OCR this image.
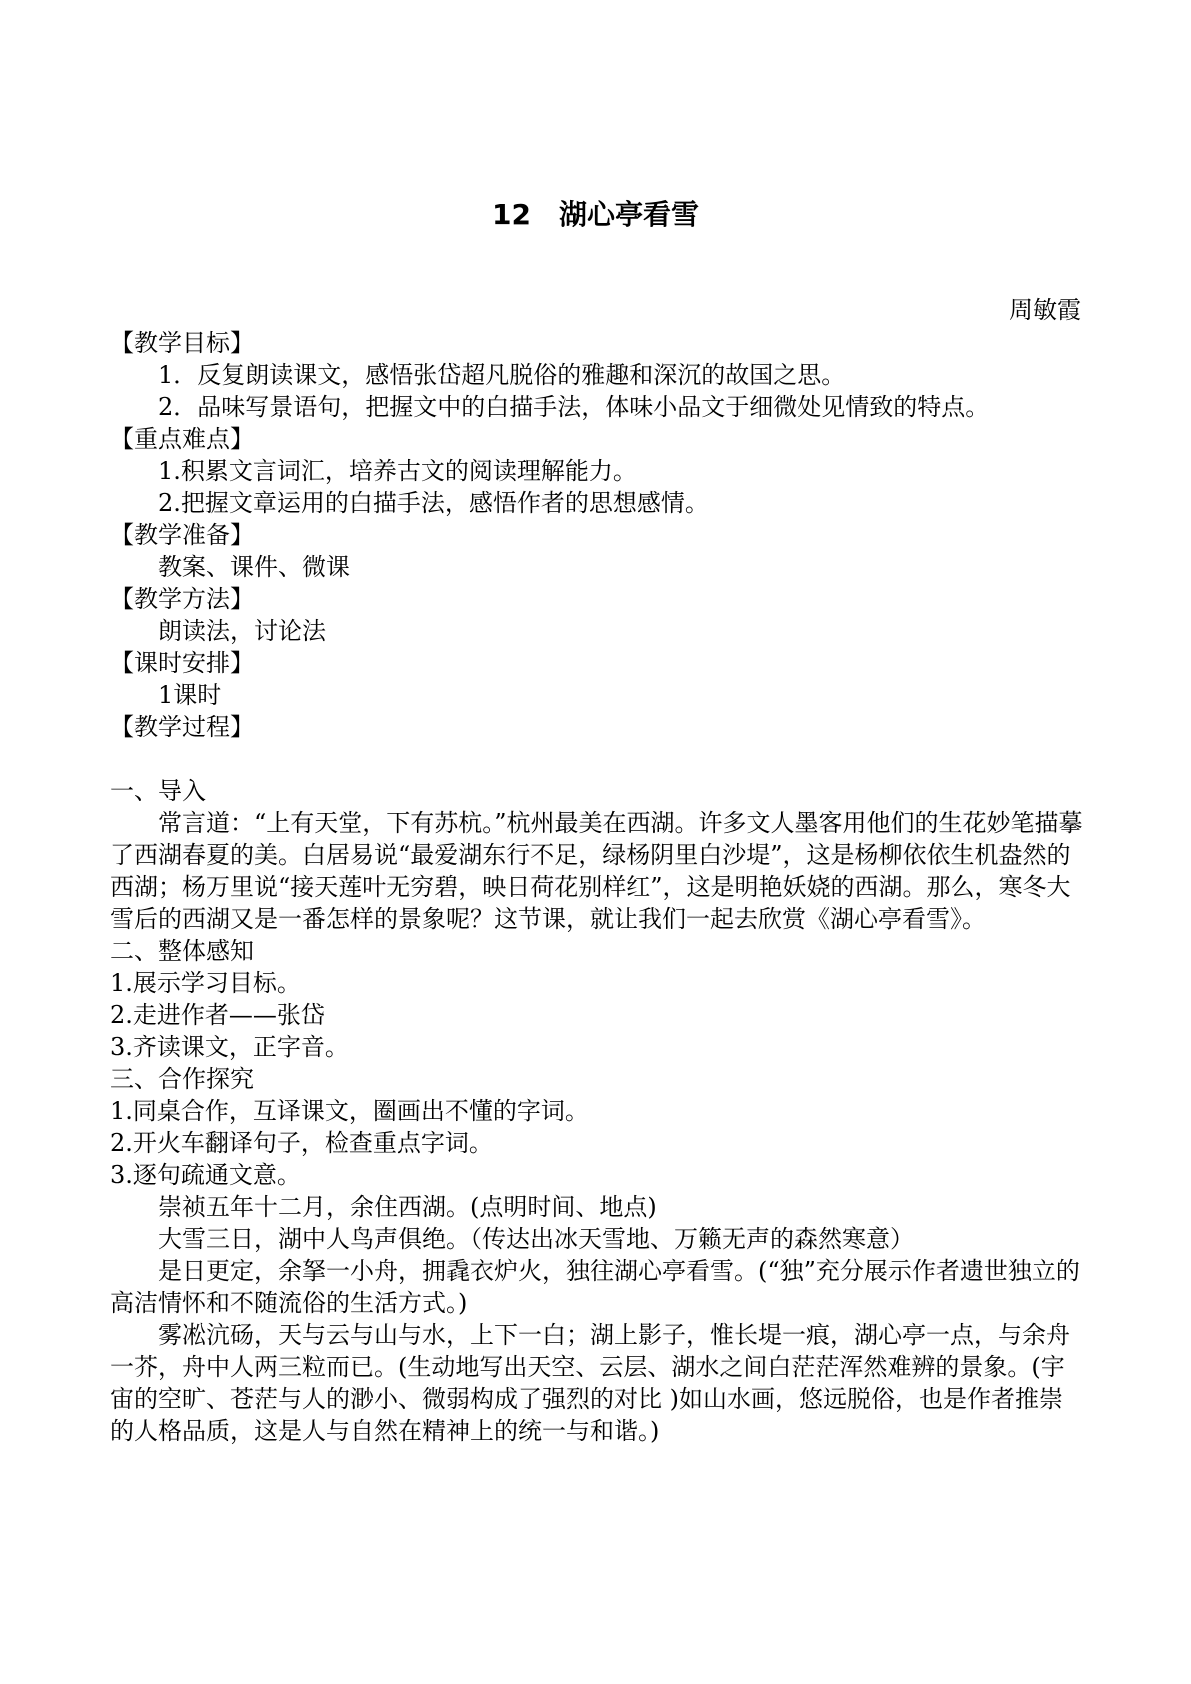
12　湖心亭看雪
周敏霞

【教学目标】

1．反复朗读课文，感悟张岱超凡脱俗的雅趣和深沉的故国之思。

2．品味写景语句，把握文中的白描手法，体味小品文于细微处见情致的特点。

【重点难点】

1.积累文言词汇，培养古文的阅读理解能力。

2.把握文章运用的白描手法，感悟作者的思想感情。

【教学准备】

教案、课件、微课

【教学方法】

朗读法，讨论法

【课时安排】

1课时

【教学过程】

一、导入

常言道：“上有天堂，下有苏杭。”杭州最美在西湖。许多文人墨客用他们的生花妙笔描摹了西湖春夏的美。白居易说“最爱湖东行不足，绿杨阴里白沙堤”，这是杨柳依依生机盎然的西湖；杨万里说“接天莲叶无穷碧，映日荷花别样红”，这是明艳妖娆的西湖。那么，寒冬大雪后的西湖又是一番怎样的景象呢？这节课，就让我们一起去欣赏《湖心亭看雪》。

二、整体感知

1.展示学习目标。

2.走进作者——张岱

3.齐读课文，正字音。

三、合作探究

1.同桌合作，互译课文，圈画出不懂的字词。

2.开火车翻译句子，检查重点字词。

3.逐句疏通文意。

崇祯五年十二月，余住西湖。(点明时间、地点)

大雪三日，湖中人鸟声俱绝。（传达出冰天雪地、万籁无声的森然寒意）

是日更定，余拏一小舟，拥毳衣炉火，独往湖心亭看雪。(“独”充分展示作者遗世独立的高洁情怀和不随流俗的生活方式。)

雾凇沆砀，天与云与山与水，上下一白；湖上影子，惟长堤一痕，湖心亭一点，与余舟一芥，舟中人两三粒而已。(生动地写出天空、云层、湖水之间白茫茫浑然难辨的景象。(宇宙的空旷、苍茫与人的渺小、微弱构成了强烈的对比 )如山水画，悠远脱俗，也是作者推崇的人格品质，这是人与自然在精神上的统一与和谐。)
